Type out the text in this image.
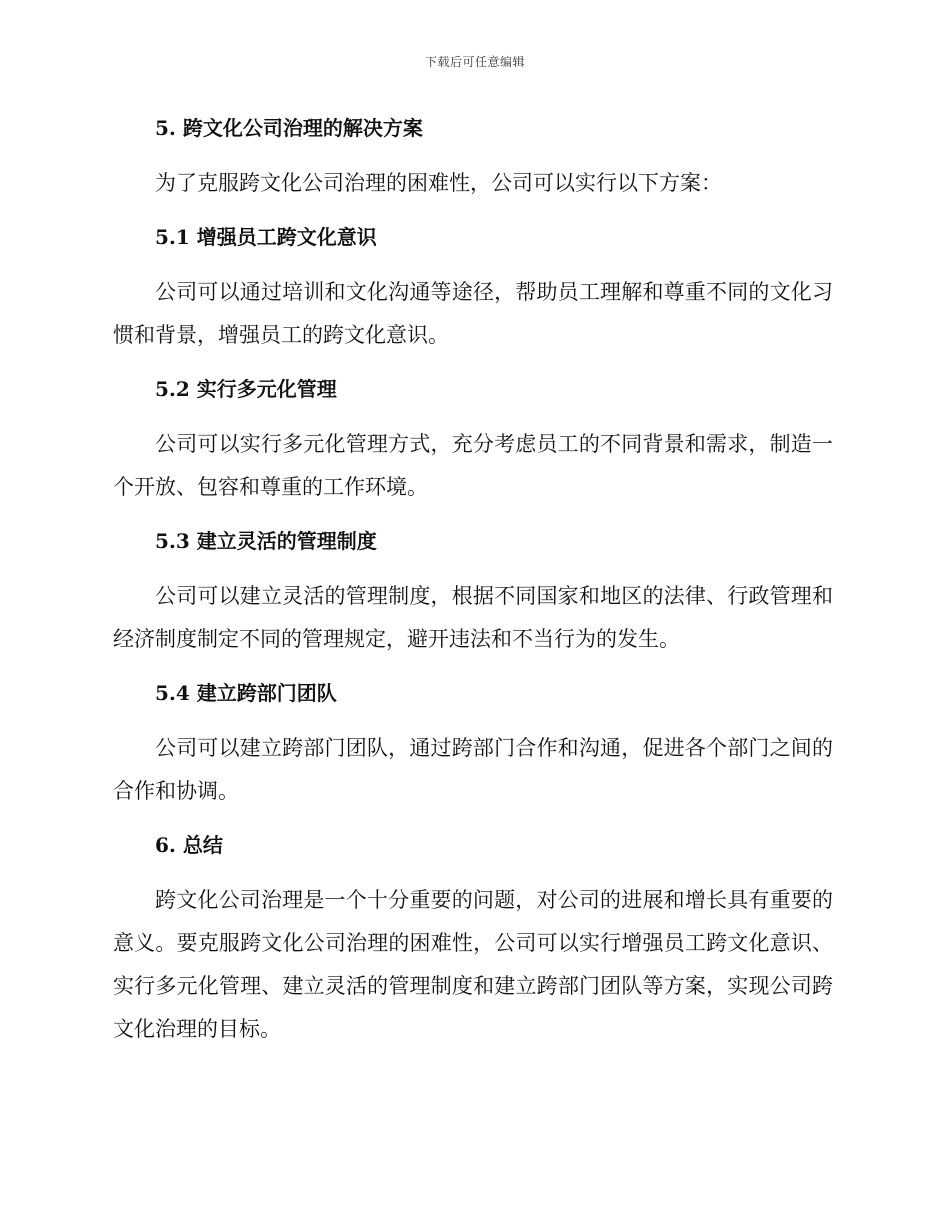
下载后可任意编辑
5. 跨文化公司治理的解决方案

为了克服跨文化公司治理的困难性，公司可以实行以下方案：

5.1 增强员工跨文化意识

公司可以通过培训和文化沟通等途径，帮助员工理解和尊重不同的文化习惯和背景，增强员工的跨文化意识。

5.2 实行多元化管理

公司可以实行多元化管理方式，充分考虑员工的不同背景和需求，制造一个开放、包容和尊重的工作环境。

5.3 建立灵活的管理制度

公司可以建立灵活的管理制度，根据不同国家和地区的法律、行政管理和经济制度制定不同的管理规定，避开违法和不当行为的发生。

5.4 建立跨部门团队

公司可以建立跨部门团队，通过跨部门合作和沟通，促进各个部门之间的合作和协调。

6. 总结

跨文化公司治理是一个十分重要的问题，对公司的进展和增长具有重要的意义。要克服跨文化公司治理的困难性，公司可以实行增强员工跨文化意识、实行多元化管理、建立灵活的管理制度和建立跨部门团队等方案，实现公司跨文化治理的目标。
